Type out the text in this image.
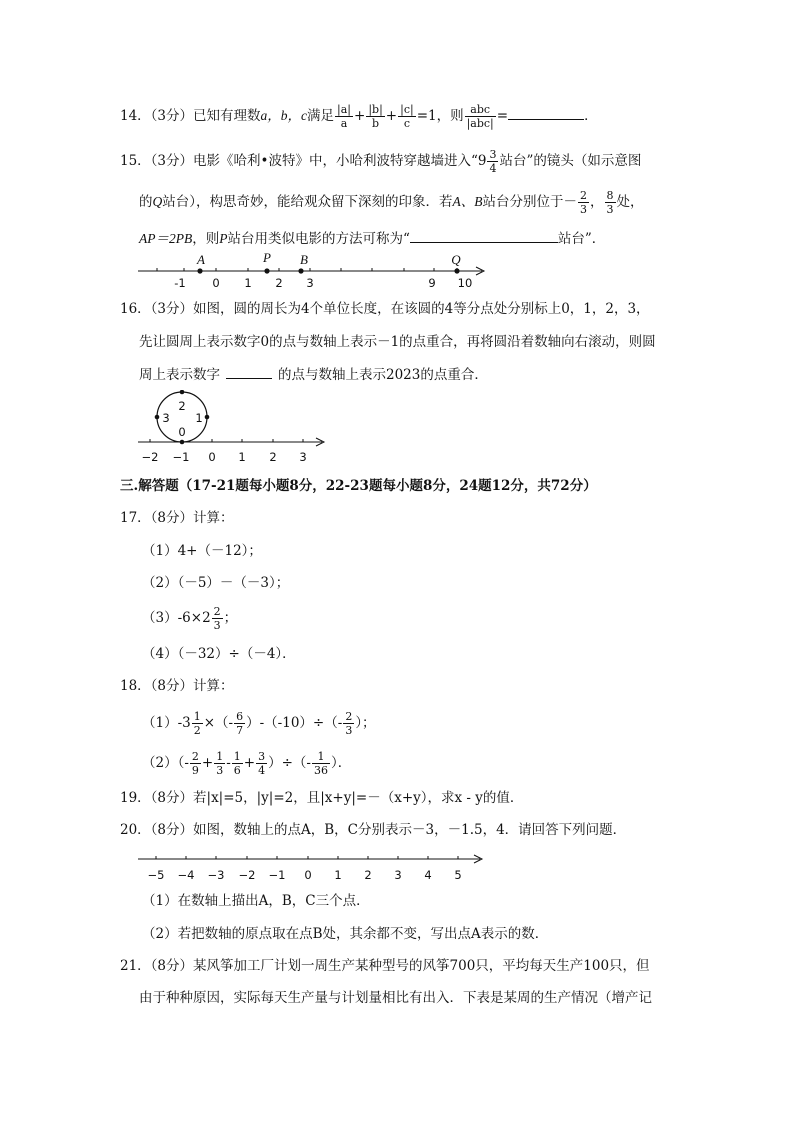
14．（3分）已知有理数a，b，c满足 $\frac{|a|}{a} + \frac{|b|}{b} + \frac{|c|}{c} =1$，则 $\frac{\text{abc}}{\text{|abc|}}$ =	．
15．（3分）电影《哈利•波特》中，小哈利波特穿越墙进入“$9 \frac{3}{4}$ 站台”的镜头（如示意图
的Q站台），构思奇妙，能给观众留下深刻的印象．若A、B站台分别位于－ $\frac{2}{3}$ ， $\frac{8}{3}$ 处，
AP＝2PB，则P站台用类似电影的方法可称为“	站台”．
-1 0 1 2 3	9 10
A	P B	Q
16．（3分）如图，圆的周长为4个单位长度，在该圆的4等分点处分别标上0，1，2，3，
先让圆周上表示数字0的点与数轴上表示－1的点重合，再将圆沿着数轴向右滚动，则圆
周上表示数字	的点与数轴上表示2023的点重合．
2
3 1
0
−2 −1 0 1 2 3
三.解答题（17-21题每小题8分，22-23题每小题8分，24题12分，共72分）
17．（8分）计算：
（1）4+（－12）；
（2）（－5）－（－3）；
$(3)-6\times 2 \frac{2}{3}$ ；
（4）（－32）÷（－4）．
18．（8分）计算：
$(1)-3 \frac{1}{2}$ ×（- $\frac{6}{7} )-(-10)\div(- \frac{2}{3}$ ）；
$(2)(- \frac{2}{9} + \frac{1}{3} - \frac{1}{6} + \frac{3}{4}$ ）÷（- $\frac{1}{36}$ ）．
19．（8分）若|x|=5，|y|=2，且|x+y|=－（x+y），求x - y的值．
20．（8分）如图，数轴上的点A，B，C分别表示－3，－1.5，4．请回答下列问题．
−5 −4 −3 −2 −1 0 1 2 3 4 5
（1）在数轴上描出A，B，C三个点．
（2）若把数轴的原点取在点B处，其余都不变，写出点A表示的数．
21．（8分）某风筝加工厂计划一周生产某种型号的风筝700只，平均每天生产100只，但
由于种种原因，实际每天生产量与计划量相比有出入．下表是某周的生产情况（增产记
